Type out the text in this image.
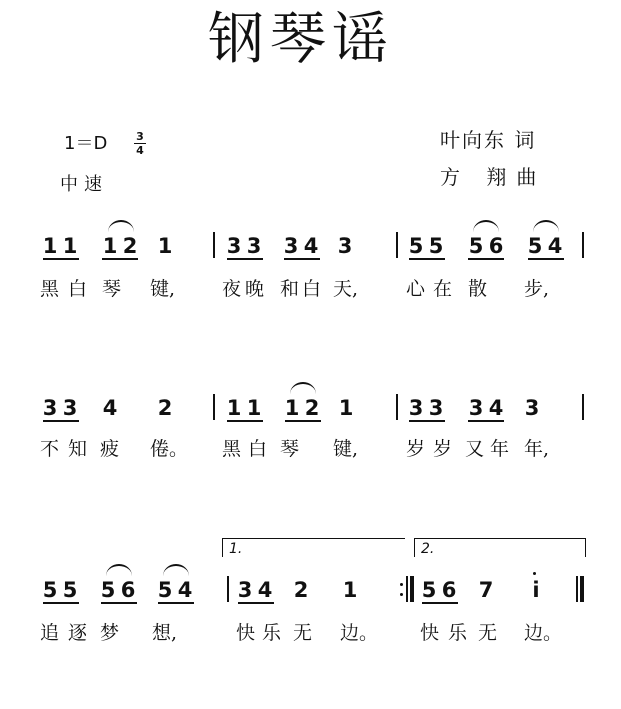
钢琴谣
1＝D	3
4
中速
叶向东 词
方 翔曲
1 1 1 2 1	3 3 3 4 3	5 5 5 6 5 4
黑 白 琴 键, 夜 晚 和 白 天,	心 在 散 步,
3 3 4 2	1 1 1 2 1	3 3 3 4 3
不 知 疲 倦。 黑 白 琴 键,	岁 岁 又 年 年,
1.	2.
5 5 5 6 5 4 3 4 2 1	5 6 7 i
追 逐 梦 想,	快 乐 无 边。 快 乐 无 边。
